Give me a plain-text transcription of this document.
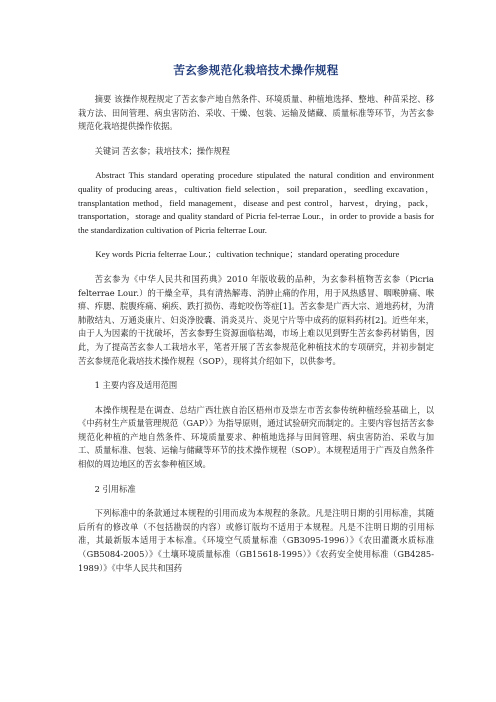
苦玄参规范化栽培技术操作规程

摘要 该操作规程规定了苦玄参产地自然条件、环境质量、种植地选择、整地、种苗采挖、移栽方法、田间管理、病虫害防治、采收、干燥、包装、运输及储藏、质量标准等环节，为苦玄参规范化栽培提供操作依据。

关键词 苦玄参；栽培技术；操作规程

Abstract This standard operating procedure stipulated the natural condition and environment quality of producing areas，cultivation field selection，soil preparation，seedling excavation，transplantation method，field management，disease and pest control，harvest，drying，pack，transportation，storage and quality standard of Picria fel-terrae Lour.，in order to provide a basis for the standardization cultivation of Picria felterrae Lour.

Key words Picria felterrae Lour.；cultivation technique；standard operating procedure

苦玄参为《中华人民共和国药典》2010 年版收载的品种，为玄参科植物苦玄参（Picria felterrae Lour.）的干燥全草，具有清热解毒、消肿止痛的作用，用于风热感冒、咽喉肿痛、喉痹、痄腮、脘腹疼痛、痢疾、跌打损伤、毒蛇咬伤等症[1]。苦玄参是广西大宗、道地药材，为清肺散结丸、万通炎康片、妇炎净胶囊、消炎灵片、炎见宁片等中成药的原料药材[2]。近些年来，由于人为因素的干扰破坏，苦玄参野生资源面临枯竭，市场上难以见到野生苦玄参药材销售，因此，为了提高苦玄参人工栽培水平，笔者开展了苦玄参规范化种植技术的专项研究，并初步制定苦玄参规范化栽培技术操作规程（SOP），现将其介绍如下，以供参考。

1 主要内容及适用范围

本操作规程是在调查、总结广西壮族自治区梧州市及崇左市苦玄参传统种植经验基础上，以《中药材生产质量管理规范（GAP）》为指导原则，通过试验研究而制定的。主要内容包括苦玄参规范化种植的产地自然条件、环境质量要求、种植地选择与田间管理、病虫害防治、采收与加工、质量标准、包装、运输与储藏等环节的技术操作规程（SOP）。本规程适用于广西及自然条件相似的周边地区的苦玄参种植区域。

2 引用标准

下列标准中的条款通过本规程的引用而成为本规程的条款。凡是注明日期的引用标准，其随后所有的修改单（不包括勘误的内容）或修订版均不适用于本规程。凡是不注明日期的引用标准，其最新版本适用于本标准。《环境空气质量标准（GB3095-1996）》《农田灌溉水质标准（GB5084-2005）》《土壤环境质量标准（GB15618-1995）》《农药安全使用标准（GB4285-1989）》《中华人民共和国药
